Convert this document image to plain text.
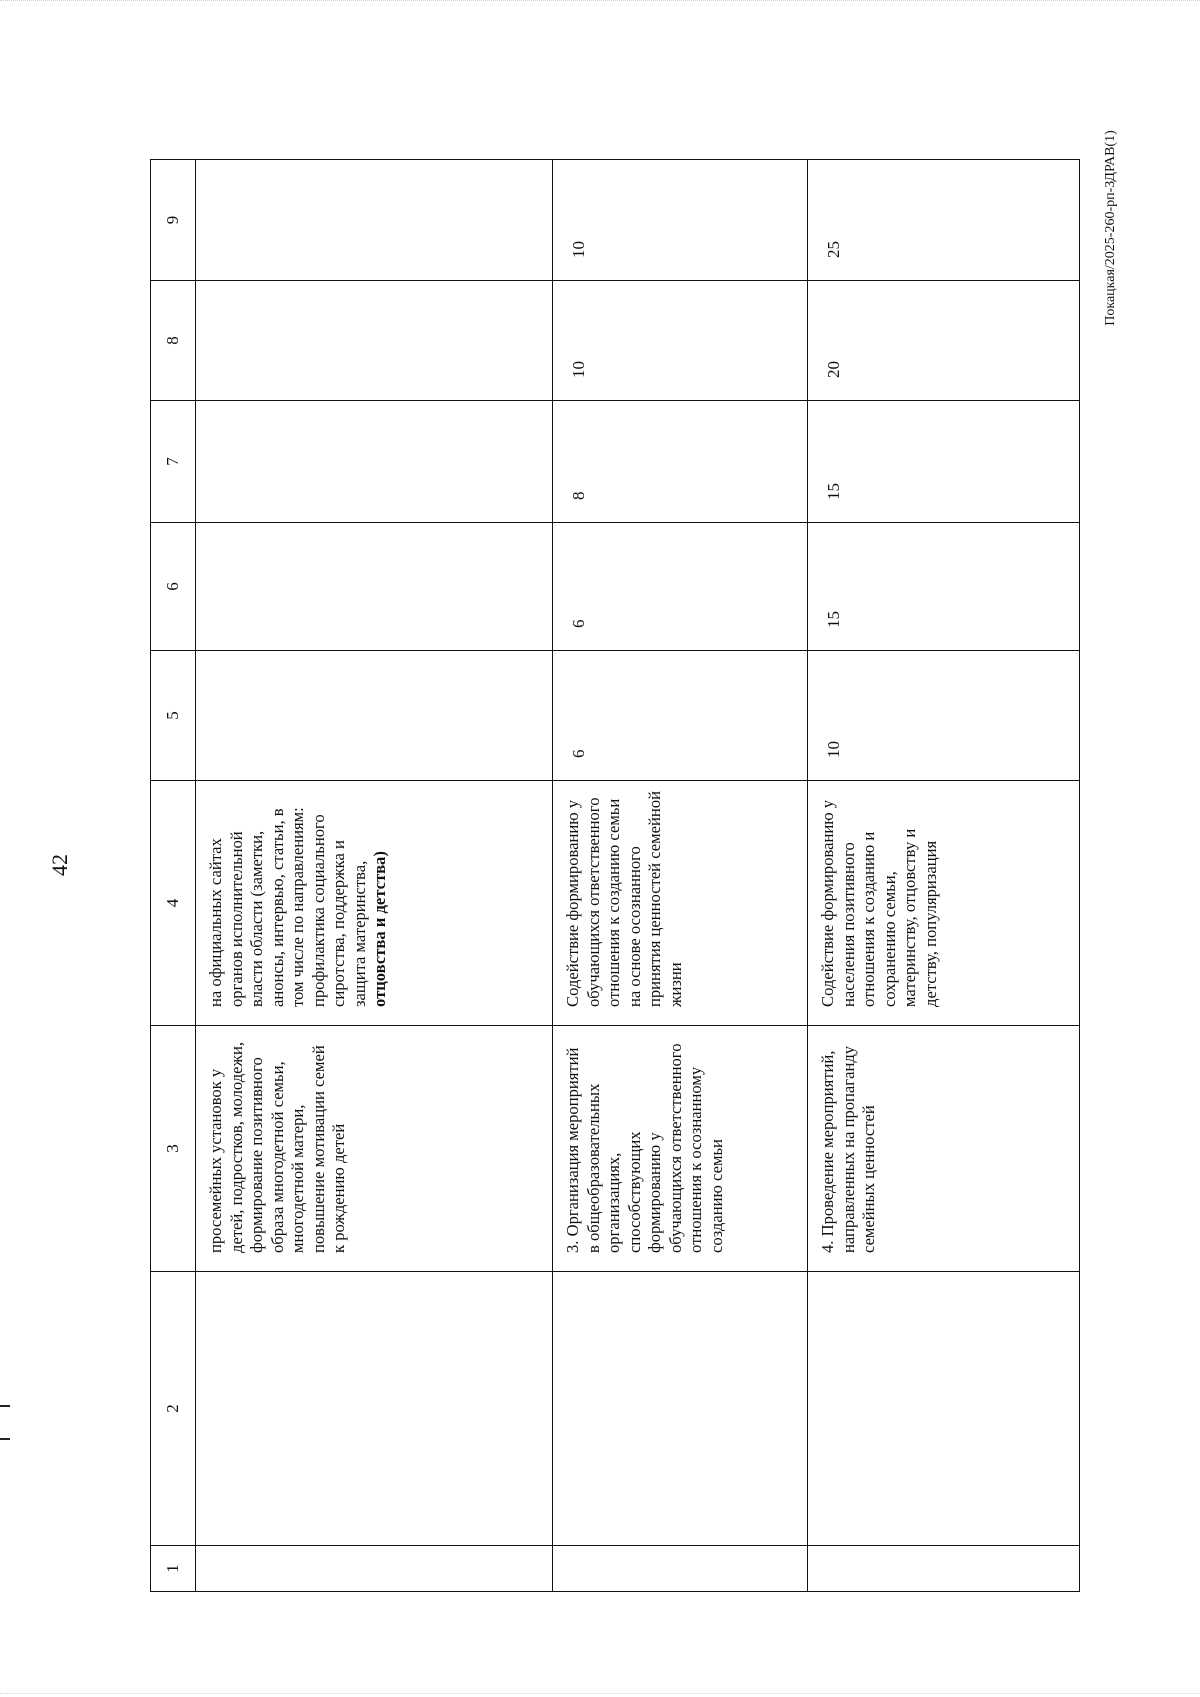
42
Покацкая/2025-260-рп-ЗДРАВ(1)
1	2	3	4	5	6	7	8	9

		просемейных установок у детей, подростков, молодежи, формирование позитивного образа многодетной семьи, многодетной матери, повышение мотивации семей к рождению детей	на официальных сайтах органов исполнительной власти области (заметки, анонсы, интервью, статьи, в том числе по направлениям: профилактика социального сиротства, поддержка и защита материнства, отцовства и детства)					

		3. Организация мероприятий в общеобразовательных организациях, способствующих формированию у обучающихся ответственного отношения к осознанному созданию семьи	Содействие формированию у обучающихся ответственного отношения к созданию семьи на основе осознанного принятия ценностей семейной жизни	6	6	8	10	10

		4. Проведение мероприятий, направленных на пропаганду семейных ценностей	Содействие формированию у населения позитивного отношения к созданию и сохранению семьи, материнству, отцовству и детству, популяризация	10	15	15	20	25
